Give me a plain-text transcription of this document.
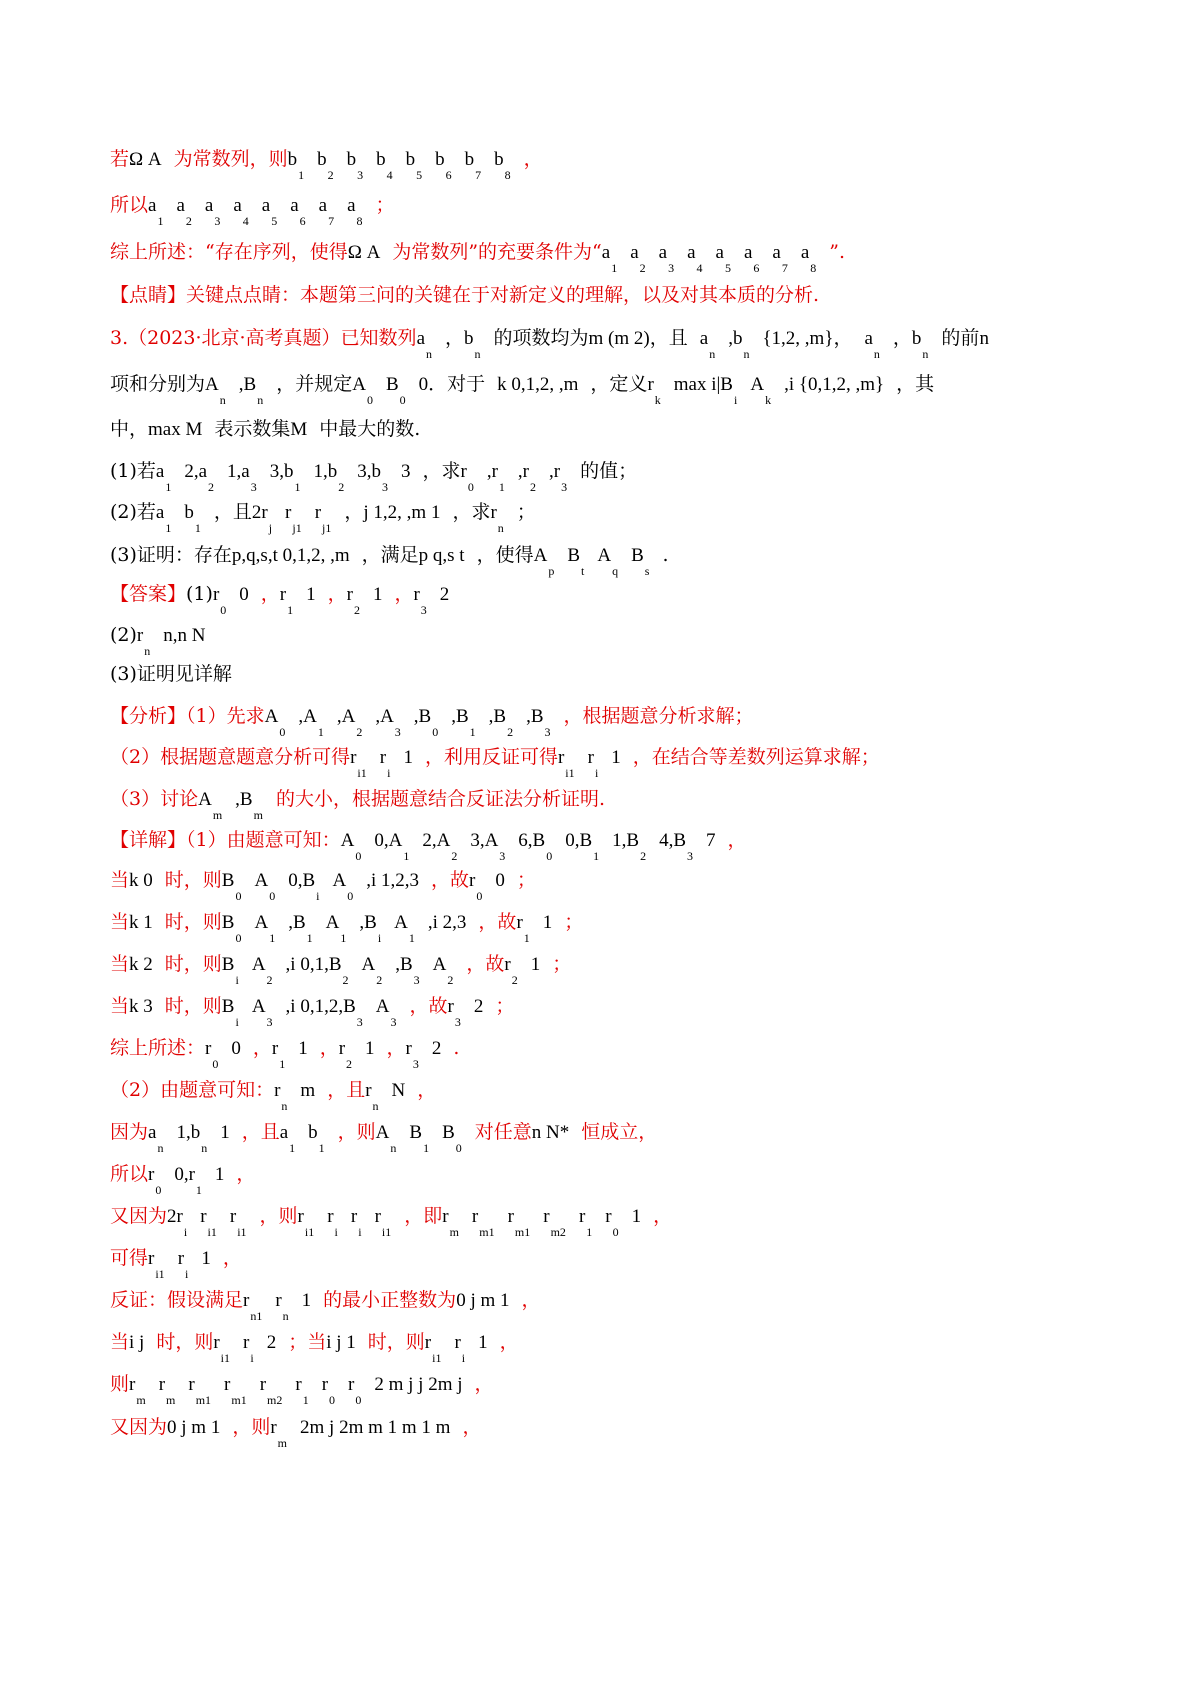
若Ω A 为常数列，则b1b2b3b4b5b6b7b8，
所以a1a2a3a4a5a6a7a8；
综上所述：“存在序列，使得Ω A 为常数列”的充要条件为“a1a2a3a4a5a6a7a8”.
【点睛】关键点点睛：本题第三问的关键在于对新定义的理解，以及对其本质的分析.
3.（2023·北京·高考真题）已知数列an，bn的项数均为m (m 2)，且 an,bn{1,2, ,m}， an，bn的前n
项和分别为An,Bn，并规定A0B00．对于 k 0,1,2, ,m ，定义rkmax i|BiAk,i {0,1,2, ,m} ，其
中，max M 表示数集M 中最大的数.
(1)若a12,a21,a33,b11,b23,b33 ，求r0,r1,r2,r3的值；
(2)若a1b1，且2rjrj1rj1，j 1,2, ,m 1 ，求rn；
(3)证明：存在p,q,s,t 0,1,2, ,m ，满足p q,s t ，使得ApBtAqBs.
【答案】(1)r00 ，r11 ，r21 ，r32
(2)rnn,n N
(3)证明见详解
【分析】（1）先求A0,A1,A2,A3,B0,B1,B2,B3，根据题意分析求解；
（2）根据题意题意分析可得ri1ri1 ，利用反证可得ri1ri1 ，在结合等差数列运算求解；
（3）讨论Am,Bm的大小，根据题意结合反证法分析证明.
【详解】（1）由题意可知：A00,A12,A23,A36,B00,B11,B24,B37 ，
当k 0 时，则B0A00,BiA0,i 1,2,3 ，故r00 ；
当k 1 时，则B0A1,B1A1,BiA1,i 2,3 ，故r11 ；
当k 2 时，则BiA2,i 0,1,B2A2,B3A2，故r21 ；
当k 3 时，则BiA3,i 0,1,2,B3A3，故r32 ；
综上所述：r00 ，r11 ，r21 ，r32 .
（2）由题意可知：rnm ，且rnN ，
因为an1,bn1 ，且a1b1，则AnB1B0对任意n N* 恒成立，
所以r00,r11 ，
又因为2riri1ri1，则ri1ririri1，即rmrm1rm1rm2r1r01 ，
可得ri1ri1 ，
反证：假设满足rn1rn1 的最小正整数为0 j m 1 ，
当i j 时，则ri1ri2 ；当i j 1 时，则ri1ri1 ，
则rmrmrm1rm1rm2r1r0r02 m j j 2m j ，
又因为0 j m 1 ，则rm2m j 2m m 1 m 1 m ，
